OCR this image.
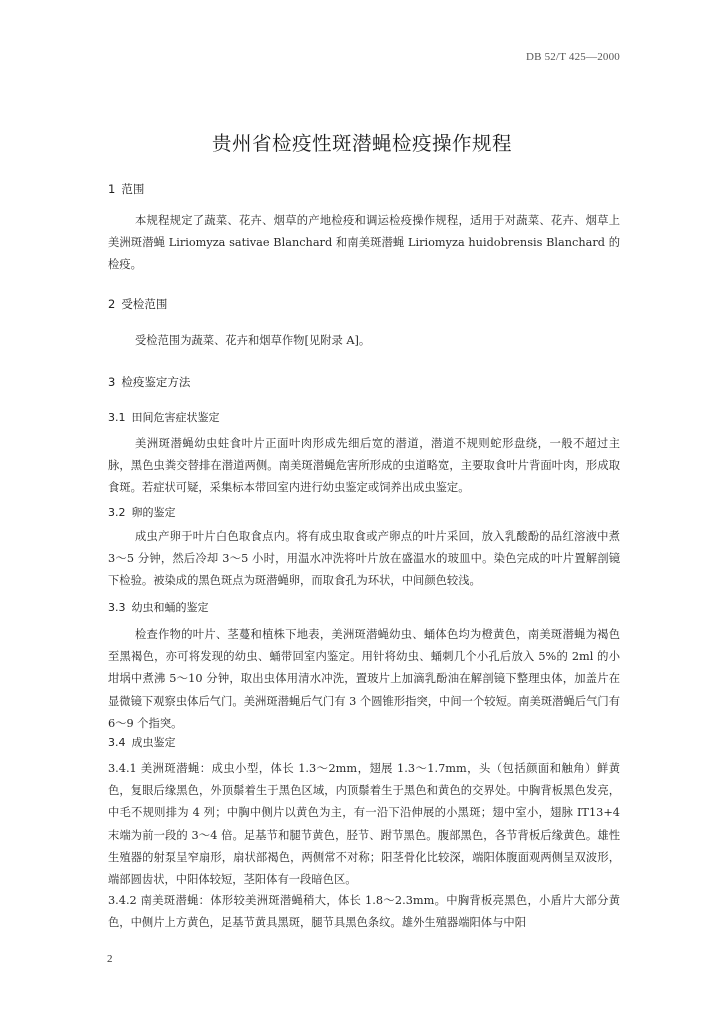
DB 52/T 425—2000
贵州省检疫性斑潜蝇检疫操作规程
1 范围

本规程规定了蔬菜、花卉、烟草的产地检疫和调运检疫操作规程，适用于对蔬菜、花卉、烟草上美洲斑潜蝇 Liriomyza sativae Blanchard 和南美斑潜蝇 Liriomyza huidobrensis Blanchard 的检疫。

2 受检范围

受检范围为蔬菜、花卉和烟草作物[见附录 A]。

3 检疫鉴定方法
3.1 田间危害症状鉴定

美洲斑潜蝇幼虫蛀食叶片正面叶肉形成先细后宽的潜道，潜道不规则蛇形盘绕，一般不超过主脉，黑色虫粪交替排在潜道两侧。南美斑潜蝇危害所形成的虫道略宽，主要取食叶片背面叶肉，形成取食斑。若症状可疑，采集标本带回室内进行幼虫鉴定或饲养出成虫鉴定。

3.2 卵的鉴定

成虫产卵于叶片白色取食点内。将有成虫取食或产卵点的叶片采回，放入乳酸酚的品红溶液中煮 3～5 分钟，然后冷却 3～5 小时，用温水冲洗将叶片放在盛温水的玻皿中。染色完成的叶片置解剖镜下检验。被染成的黑色斑点为斑潜蝇卵，而取食孔为环状，中间颜色较浅。

3.3 幼虫和蛹的鉴定

检查作物的叶片、茎蔓和植株下地表，美洲斑潜蝇幼虫、蛹体色均为橙黄色，南美斑潜蝇为褐色至黑褐色，亦可将发现的幼虫、蛹带回室内鉴定。用针将幼虫、蛹刺几个小孔后放入 5%的 2ml 的小坩埚中煮沸 5～10 分钟，取出虫体用清水冲洗，置玻片上加滴乳酚油在解剖镜下整理虫体，加盖片在显微镜下观察虫体后气门。美洲斑潜蝇后气门有 3 个圆锥形指突，中间一个较短。南美斑潜蝇后气门有 6～9 个指突。

3.4 成虫鉴定

3.4.1 美洲斑潜蝇：成虫小型，体长 1.3～2mm，翅展 1.3～1.7mm，头（包括颜面和触角）鲜黄色，复眼后缘黑色，外顶鬃着生于黑色区域，内顶鬃着生于黑色和黄色的交界处。中胸背板黑色发亮，中毛不规则排为 4 列；中胸中侧片以黄色为主，有一沿下沿伸展的小黑斑；翅中室小，翅脉 IT13+4 末端为前一段的 3～4 倍。足基节和腿节黄色，胫节、跗节黑色。腹部黑色，各节背板后缘黄色。雄性生殖器的射泵呈窄扇形，扇状部褐色，两侧常不对称；阳茎骨化比较深，端阳体腹面观两侧呈双波形，端部圆齿状，中阳体较短，茎阳体有一段暗色区。

3.4.2 南美斑潜蝇：体形较美洲斑潜蝇稍大，体长 1.8～2.3mm。中胸背板亮黑色，小盾片大部分黄色，中侧片上方黄色，足基节黄具黑斑，腿节具黑色条纹。雄外生殖器端阳体与中阳

2
